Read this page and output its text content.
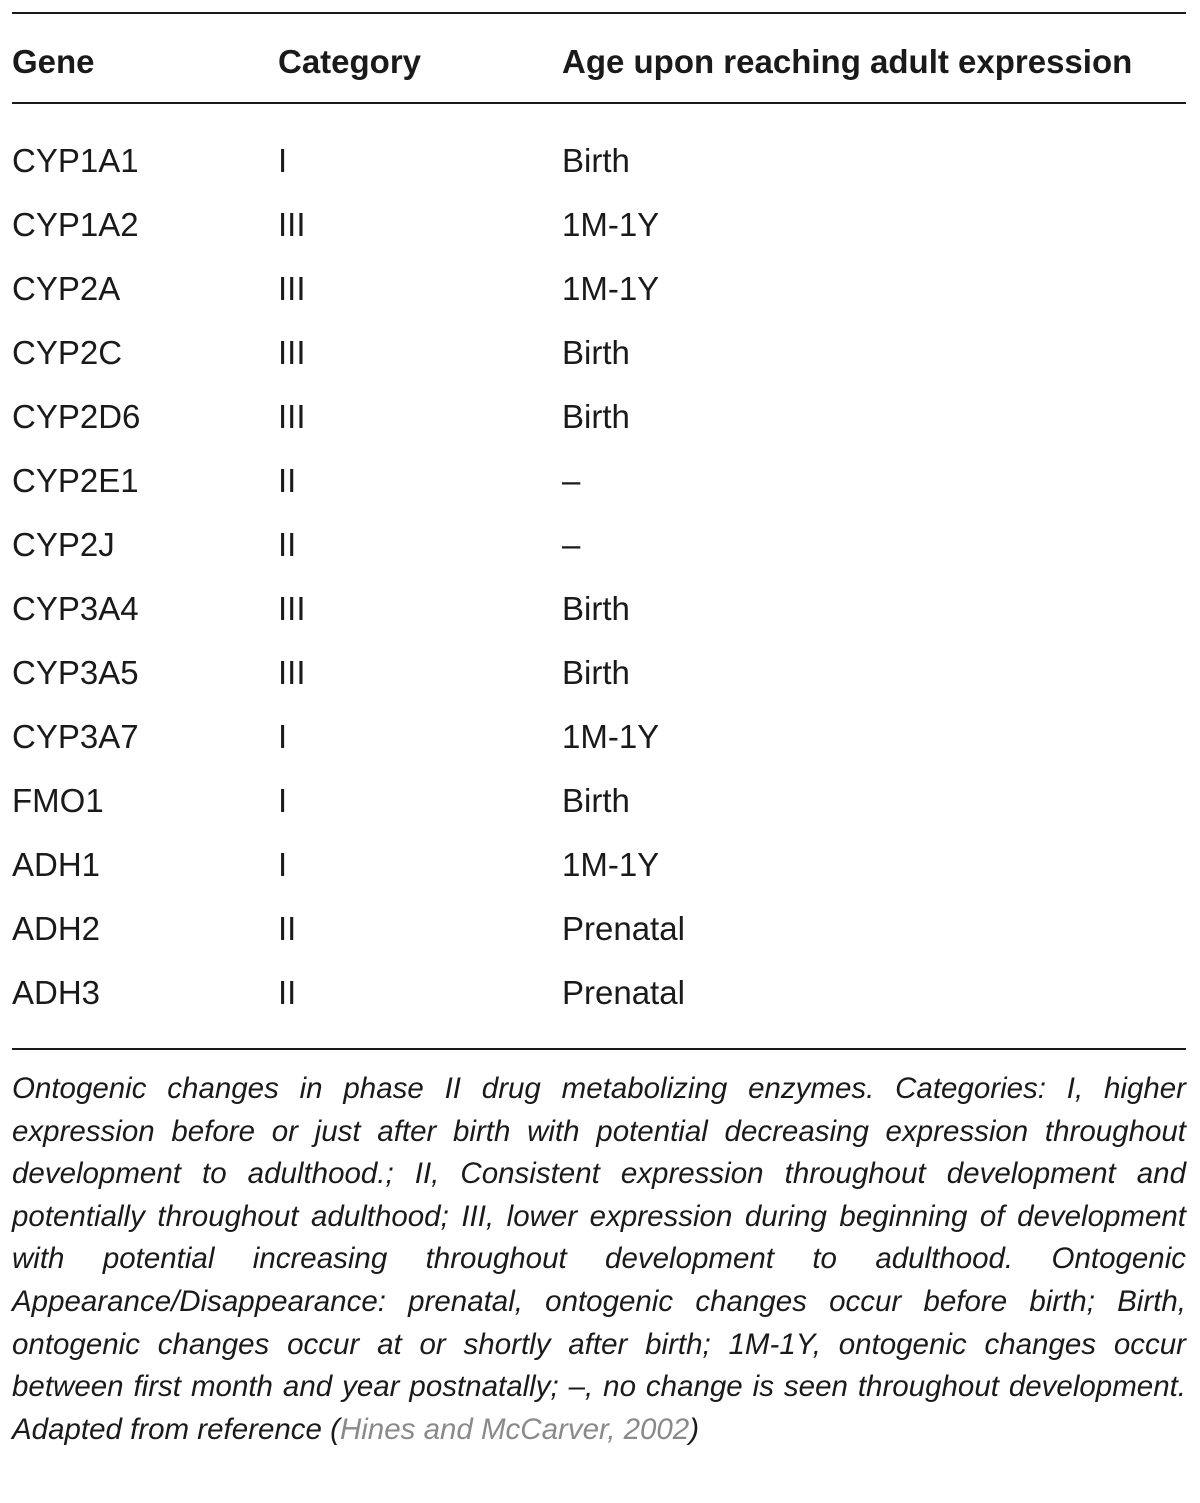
Gene	Category	Age upon reaching adult expression
CYP1A1	I	Birth
CYP1A2	III	1M-1Y
CYP2A	III	1M-1Y
CYP2C	III	Birth
CYP2D6	III	Birth
CYP2E1	II	–
CYP2J	II	–
CYP3A4	III	Birth
CYP3A5	III	Birth
CYP3A7	I	1M-1Y
FMO1	I	Birth
ADH1	I	1M-1Y
ADH2	II	Prenatal
ADH3	II	Prenatal
Ontogenic changes in phase II drug metabolizing enzymes. Categories: I, higher expression before or just after birth with potential decreasing expression throughout development to adulthood.; II, Consistent expression throughout development and potentially throughout adulthood; III, lower expression during beginning of development with potential increasing throughout development to adulthood. Ontogenic Appearance/Disappearance: prenatal, ontogenic changes occur before birth; Birth, ontogenic changes occur at or shortly after birth; 1M-1Y, ontogenic changes occur between first month and year postnatally; –, no change is seen throughout development. Adapted from reference (Hines and McCarver, 2002)
